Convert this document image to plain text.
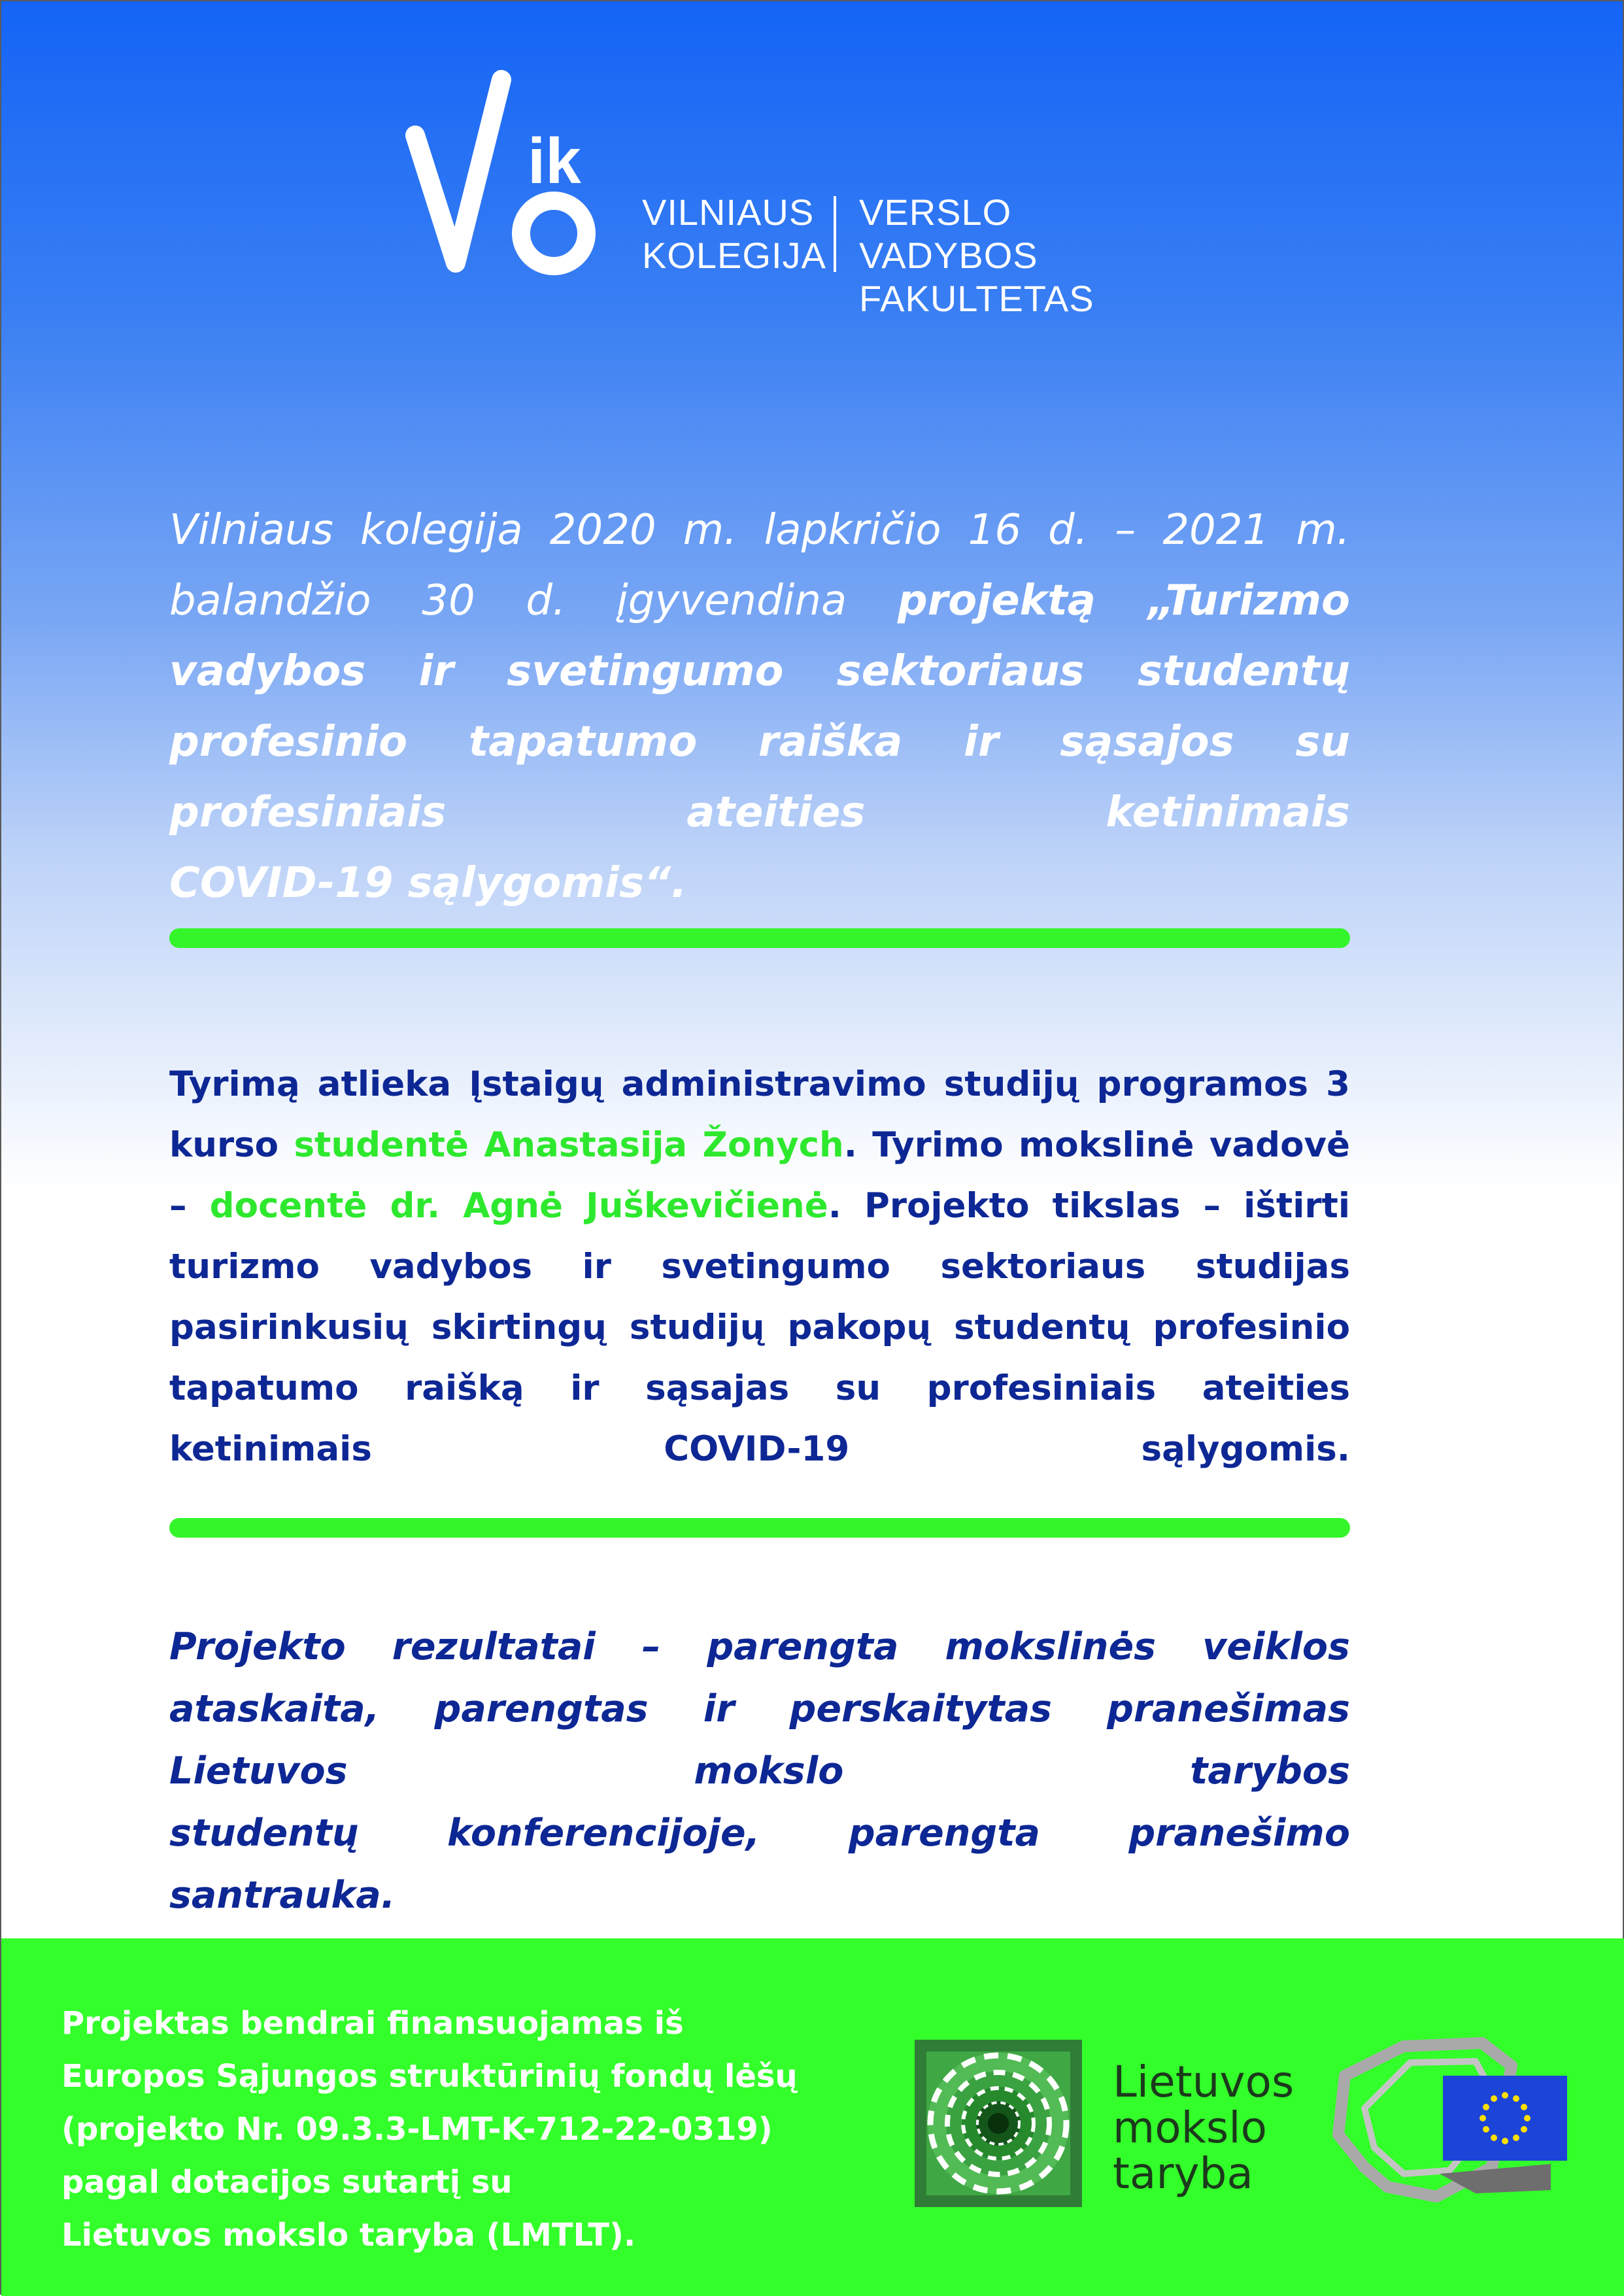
ik
VILNIAUS
KOLEGIJA
VERSLO VADYBOS
FAKULTETAS
Vilniaus kolegija 2020 m. lapkričio 16 d. – 2021 m. balandžio 30 d. įgyvendina projektą „Turizmo vadybos ir svetingumo sektoriaus studentų profesinio tapatumo raiška ir sąsajos su profesiniais ateities ketinimais
COVID-19 sąlygomis“.
Tyrimą atlieka Įstaigų administravimo studijų programos 3 kurso studentė Anastasija Žonych. Tyrimo mokslinė vadovė – docentė dr. Agnė Juškevičienė. Projekto tikslas – ištirti turizmo vadybos ir svetingumo sektoriaus studijas pasirinkusių skirtingų studijų pakopų studentų profesinio tapatumo raišką ir sąsajas su profesiniais ateities ketinimais COVID-19 sąlygomis.
Projekto rezultatai – parengta mokslinės veiklos ataskaita, parengtas ir perskaitytas pranešimas Lietuvos mokslo tarybos
studentų konferencijoje, parengta pranešimo santrauka.
Projektas bendrai finansuojamas iš
Europos Sąjungos struktūrinių fondų lėšų
(projekto Nr. 09.3.3-LMT-K-712-22-0319)
pagal dotacijos sutartį su
Lietuvos mokslo taryba (LMTLT).
Lietuvos
mokslo
taryba
